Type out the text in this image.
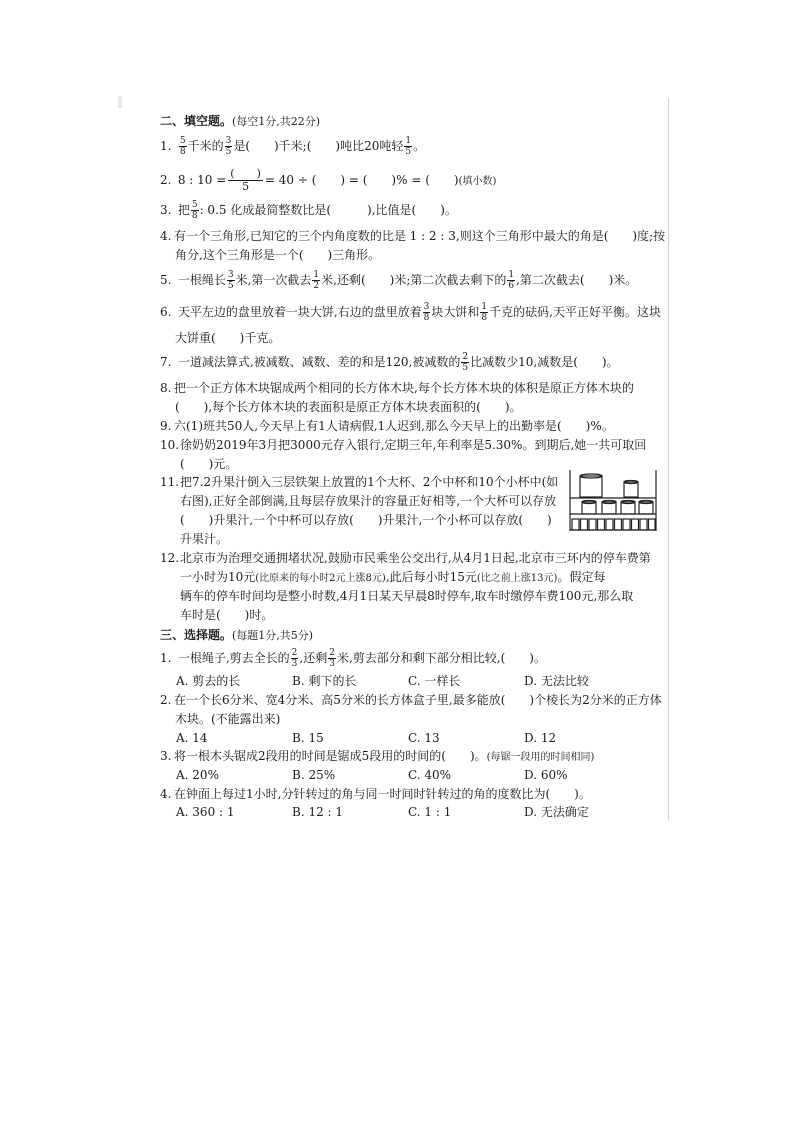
二、填空题。(每空1分,共22分)
1. $\frac{5}{8}$ 千米的 $\frac{3}{5}$ 是(　　)千米;(　　)吨比20吨轻 $\frac{1}{5}$ 。
2. 8 : $10 = \frac{( )}{5} = 40$ ÷ (　　) = (　　)% = (　　)(填小数)
3. 把 $\frac{5}{8}$ : 0.5 化成最简整数比是(　　　),比值是(　　)。
4. 有一个三角形,已知它的三个内角度数的比是 1 : 2 : 3,则这个三角形中最大的角是(　　)度;按
角分,这个三角形是一个(　　)三角形。
5. 一根绳长 $\frac{3}{5}$ 米,第一次截去 $\frac{1}{2}$ 米,还剩(　　)米;第二次截去剩下的 $\frac{1}{6}$ ,第二次截去(　　)米。
6. 天平左边的盘里放着一块大饼,右边的盘里放着 $\frac{3}{8}$ 块大饼和 $\frac{1}{8}$ 千克的砝码,天平正好平衡。这块
大饼重(　　)千克。
7. 一道减法算式,被减数、减数、差的和是120,被减数的 $\frac{2}{5}$ 比减数少10,减数是(　　)。
8. 把一个正方体木块锯成两个相同的长方体木块,每个长方体木块的体积是原正方体木块的
(　　),每个长方体木块的表面积是原正方体木块表面积的(　　)。
9. 六(1)班共50人,今天早上有1人请病假,1人迟到,那么今天早上的出勤率是(　　)%。
10.徐奶奶2019年3月把3000元存入银行,定期三年,年利率是5.30%。到期后,她一共可取回
(　　)元。
11.把7.2升果汁倒入三层铁架上放置的1个大杯、2个中杯和10个小杯中(如
右图),正好全部倒满,且每层存放果汁的容量正好相等,一个大杯可以存放
(　　)升果汁,一个中杯可以存放(　　)升果汁,一个小杯可以存放(　　)
升果汁。
12.北京市为治理交通拥堵状况,鼓励市民乘坐公交出行,从4月1日起,北京市三环内的停车费第
一小时为10元(比原来的每小时2元上涨8元),此后每小时15元(比之前上涨13元)。假定每
辆车的停车时间均是整小时数,4月1日某天早晨8时停车,取车时缴停车费100元,那么取
车时是(　　)时。
三、选择题。(每题1分,共5分)
1. 一根绳子,剪去全长的 $\frac{2}{3}$ ,还剩 $\frac{2}{3}$ 米,剪去部分和剩下部分相比较,(　　)。
A. 剪去的长	B. 剩下的长	C. 一样长	D. 无法比较
2. 在一个长6分米、宽4分米、高5分米的长方体盒子里,最多能放(　　)个棱长为2分米的正方体
木块。(不能露出来)
A. 14	B. 15	C. 13	D. 12
3. 将一根木头锯成2段用的时间是锯成5段用的时间的(　　)。(每锯一段用的时间相同)
A. 20%	B. 25%	C. 40%	D. 60%
4. 在钟面上每过1小时,分针转过的角与同一时间时针转过的角的度数比为(　　)。
A. 360 : 1	B. 12 : 1	C. 1 : 1	D. 无法确定
